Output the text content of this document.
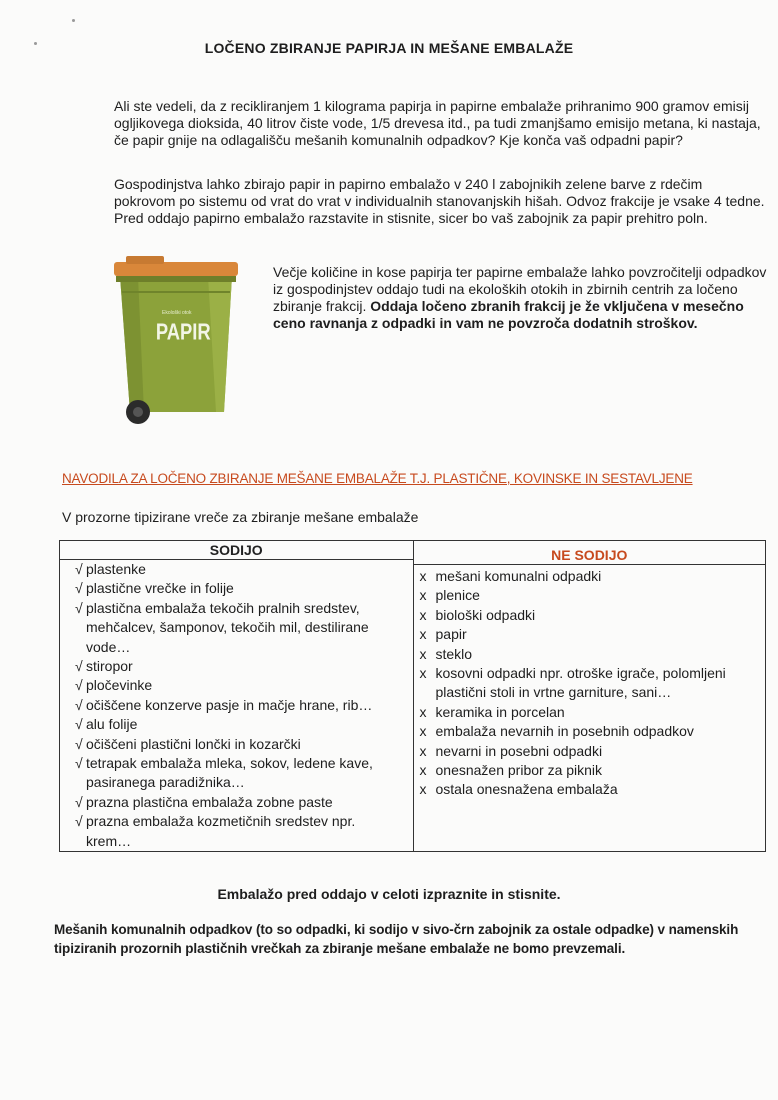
LOČENO ZBIRANJE PAPIRJA IN MEŠANE EMBALAŽE
Ali ste vedeli, da z recikliranjem 1 kilograma papirja in papirne embalaže prihranimo 900 gramov emisij ogljikovega dioksida, 40 litrov čiste vode, 1/5 drevesa itd., pa tudi zmanjšamo emisijo metana, ki nastaja, če papir gnije na odlagališču mešanih komunalnih odpadkov? Kje konča vaš odpadni papir?
Gospodinjstva lahko zbirajo papir in papirno embalažo v 240 l zabojnikih zelene barve z rdečim pokrovom po sistemu od vrat do vrat v individualnih stanovanjskih hišah. Odvoz frakcije je vsake 4 tedne. Pred oddajo papirno embalažo razstavite in stisnite, sicer bo vaš zabojnik za papir prehitro poln.
Ekološki otok
PAPIR
Večje količine in kose papirja ter papirne embalaže lahko povzročitelji odpadkov iz gospodinjstev oddajo tudi na ekoloških otokih in zbirnih centrih za ločeno zbiranje frakcij. Oddaja ločeno zbranih frakcij je že vključena v mesečno ceno ravnanja z odpadki in vam ne povzroča dodatnih stroškov.
NAVODILA ZA LOČENO ZBIRANJE MEŠANE EMBALAŽE T.J. PLASTIČNE, KOVINSKE IN SESTAVLJENE
V prozorne tipizirane vreče za zbiranje mešane embalaže
SODIJO
√ plastenke
√ plastične vrečke in folije
√ plastična embalaža tekočih pralnih sredstev, mehčalcev, šamponov, tekočih mil, destilirane vode…
√ stiropor
√ pločevinke
√ očiščene konzerve pasje in mačje hrane, rib…
√ alu folije
√ očiščeni plastični lončki in kozarčki
√ tetrapak embalaža mleka, sokov, ledene kave, pasiranega paradižnika…
√ prazna plastična embalaža zobne paste
√ prazna embalaža kozmetičnih sredstev npr. krem…

NE SODIJO
x mešani komunalni odpadki
x plenice
x biološki odpadki
x papir
x steklo
x kosovni odpadki npr. otroške igrače, polomljeni plastični stoli in vrtne garniture, sani…
x keramika in porcelan
x embalaža nevarnih in posebnih odpadkov
x nevarni in posebni odpadki
x onesnažen pribor za piknik
x ostala onesnažena embalaža
Embalažo pred oddajo v celoti izpraznite in stisnite.
Mešanih komunalnih odpadkov (to so odpadki, ki sodijo v sivo-črn zabojnik za ostale odpadke) v namenskih tipiziranih prozornih plastičnih vrečkah za zbiranje mešane embalaže ne bomo prevzemali.
